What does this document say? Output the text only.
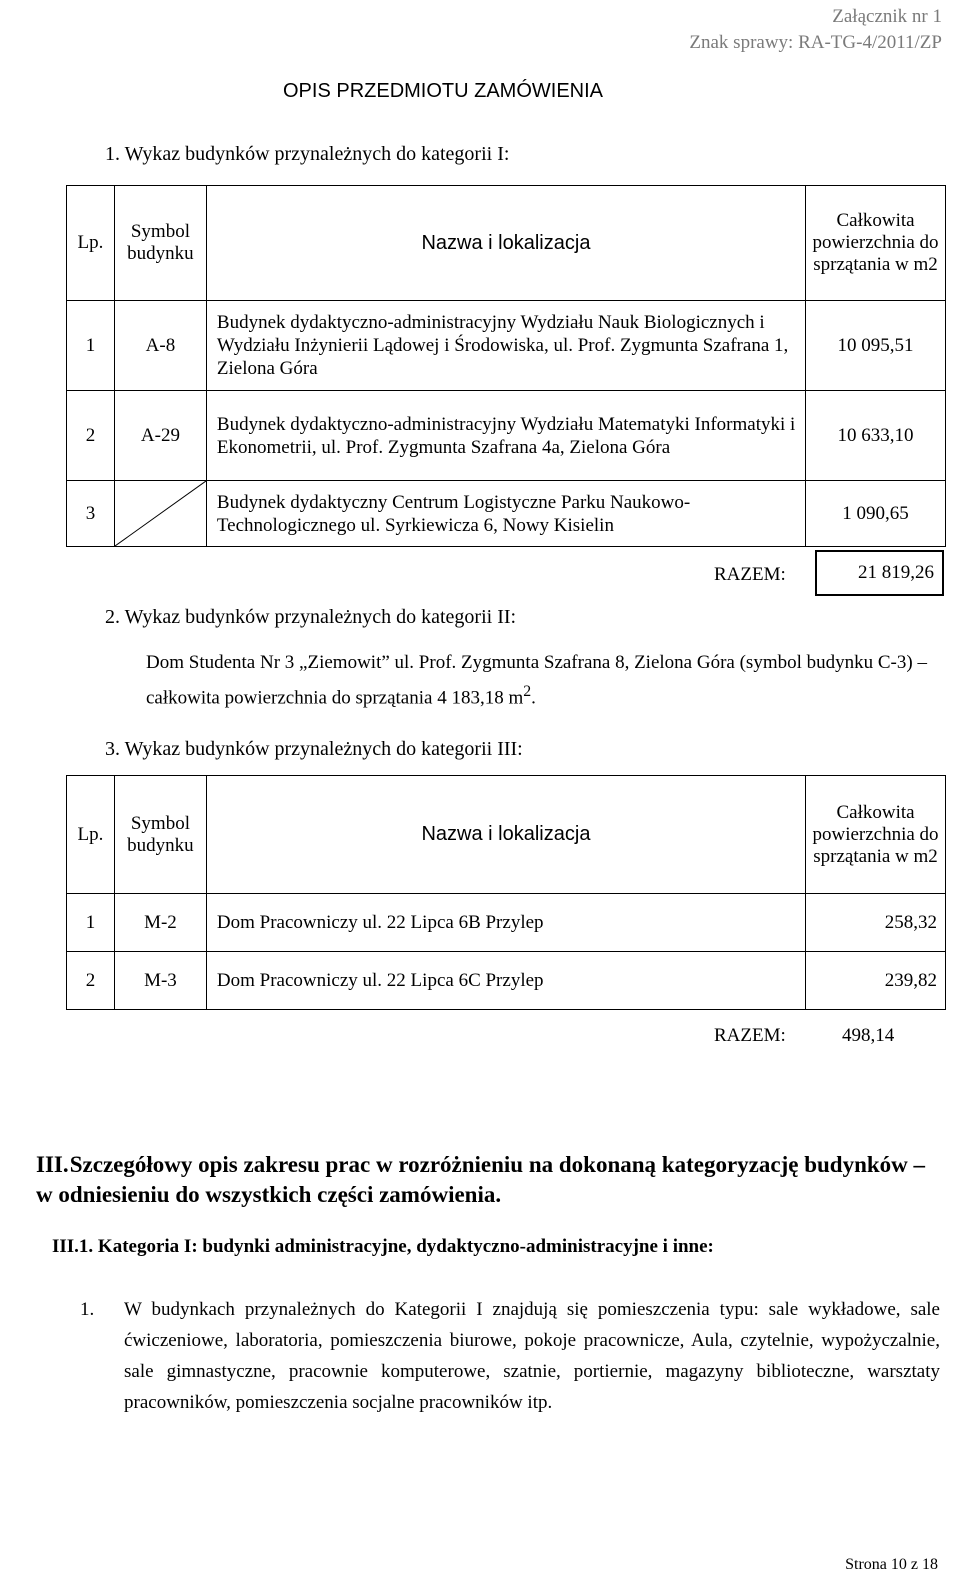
Załącznik nr 1
Znak sprawy: RA-TG-4/2011/ZP
OPIS PRZEDMIOTU ZAMÓWIENIA
1. Wykaz budynków przynależnych do kategorii I:
Lp.	Symbol budynku	Nazwa i lokalizacja	Całkowita powierzchnia do sprzątania w m2
1	A-8	Budynek dydaktyczno-administracyjny Wydziału Nauk Biologicznych i Wydziału Inżynierii Lądowej i Środowiska, ul. Prof. Zygmunta Szafrana 1, Zielona Góra	10 095,51
2	A-29	Budynek dydaktyczno-administracyjny Wydziału Matematyki Informatyki i Ekonometrii, ul. Prof. Zygmunta Szafrana 4a, Zielona Góra	10 633,10
3		Budynek dydaktyczny Centrum Logistyczne Parku Naukowo-Technologicznego ul. Syrkiewicza 6, Nowy Kisielin	1 090,65
RAZEM:	21 819,26
2. Wykaz budynków przynależnych do kategorii II:
Dom Studenta Nr 3 „Ziemowit” ul. Prof. Zygmunta Szafrana 8, Zielona Góra (symbol budynku C-3) – całkowita powierzchnia do sprzątania 4 183,18 $m^2$.
3. Wykaz budynków przynależnych do kategorii III:
Lp.	Symbol budynku	Nazwa i lokalizacja	Całkowita powierzchnia do sprzątania w m2
1	M-2	Dom Pracowniczy ul. 22 Lipca 6B Przylep	258,32
2	M-3	Dom Pracowniczy ul. 22 Lipca 6C Przylep	239,82
RAZEM:	498,14
III. Szczegółowy opis zakresu prac w rozróżnieniu na dokonaną kategoryzację budynków – w odniesieniu do wszystkich części zamówienia.
III.1. Kategoria I: budynki administracyjne, dydaktyczno-administracyjne i inne:
1. W budynkach przynależnych do Kategorii I znajdują się pomieszczenia typu: sale wykładowe, sale ćwiczeniowe, laboratoria, pomieszczenia biurowe, pokoje pracownicze, Aula, czytelnie, wypożyczalnie, sale gimnastyczne, pracownie komputerowe, szatnie, portiernie, magazyny biblioteczne, warsztaty pracowników, pomieszczenia socjalne pracowników itp.
Strona 10 z 18
